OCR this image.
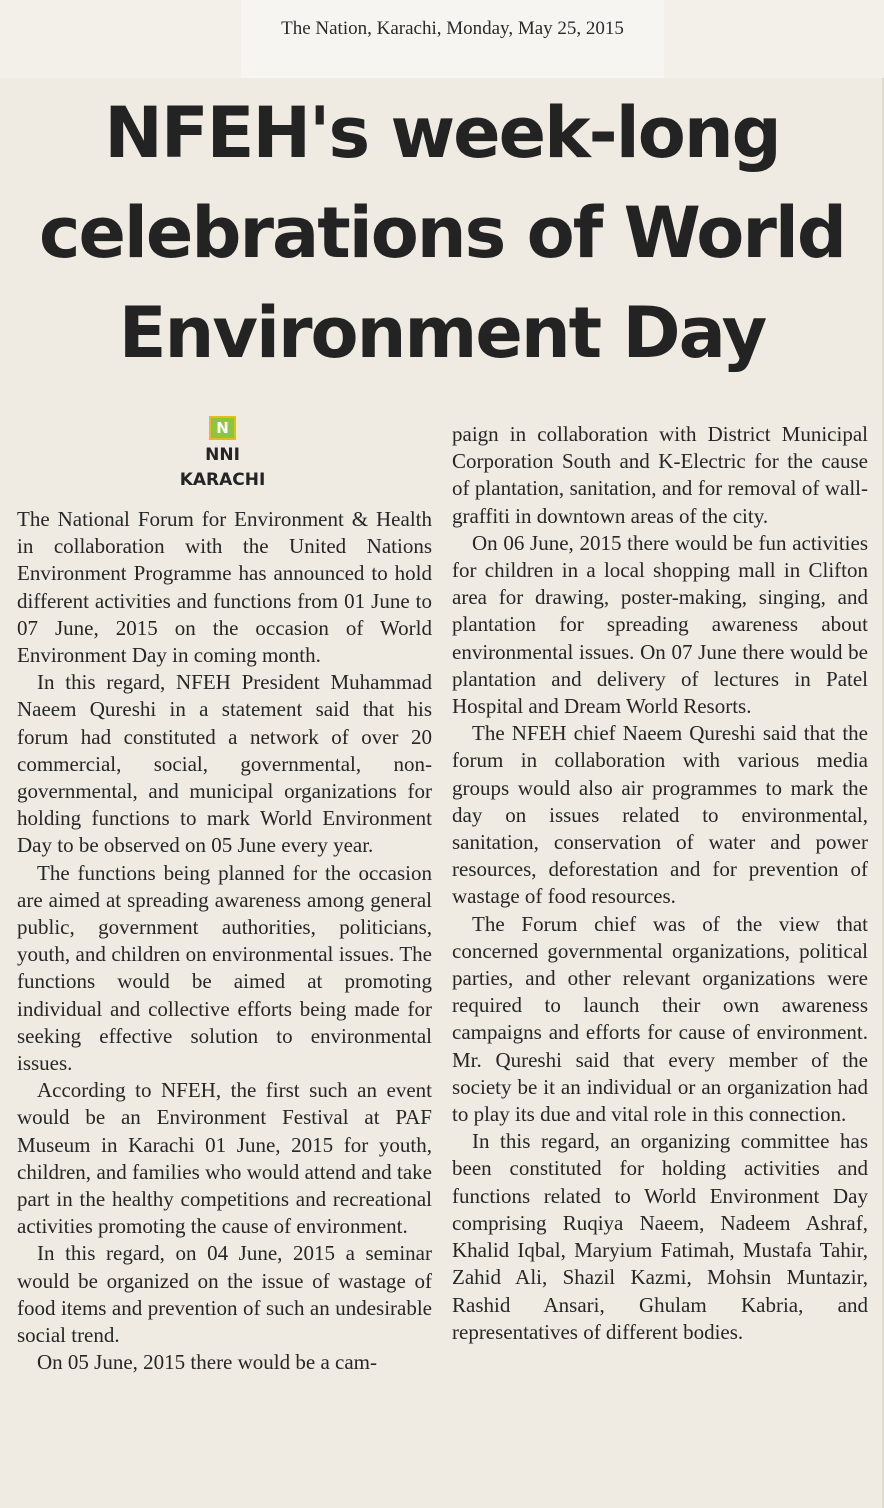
The Nation, Karachi, Monday, May 25, 2015
NFEH's week-long celebrations of World Environment Day
N
NNI
KARACHI

The National Forum for Environment & Health in collaboration with the United Nations Environment Programme has announced to hold different activities and functions from 01 June to 07 June, 2015 on the occasion of World Environment Day in coming month.

In this regard, NFEH President Muhammad Naeem Qureshi in a statement said that his forum had constituted a network of over 20 commercial, social, governmental, non-governmental, and municipal organizations for holding functions to mark World Environment Day to be observed on 05 June every year.

The functions being planned for the occasion are aimed at spreading awareness among general public, government authorities, politicians, youth, and children on environmental issues. The functions would be aimed at promoting individual and collective efforts being made for seeking effective solution to environmental issues.

According to NFEH, the first such an event would be an Environment Festival at PAF Museum in Karachi 01 June, 2015 for youth, children, and families who would attend and take part in the healthy competitions and recreational activities promoting the cause of environment.

In this regard, on 04 June, 2015 a seminar would be organized on the issue of wastage of food items and prevention of such an undesirable social trend.

On 05 June, 2015 there would be a cam-

paign in collaboration with District Municipal Corporation South and K-Electric for the cause of plantation, sanitation, and for removal of wall-graffiti in downtown areas of the city.

On 06 June, 2015 there would be fun activities for children in a local shopping mall in Clifton area for drawing, poster-making, singing, and plantation for spreading awareness about environmental issues. On 07 June there would be plantation and delivery of lectures in Patel Hospital and Dream World Resorts.

The NFEH chief Naeem Qureshi said that the forum in collaboration with various media groups would also air programmes to mark the day on issues related to environmental, sanitation, conservation of water and power resources, deforestation and for prevention of wastage of food resources.

The Forum chief was of the view that concerned governmental organizations, political parties, and other relevant organizations were required to launch their own awareness campaigns and efforts for cause of environment. Mr. Qureshi said that every member of the society be it an individual or an organization had to play its due and vital role in this connection.

In this regard, an organizing committee has been constituted for holding activities and functions related to World Environment Day comprising Ruqiya Naeem, Nadeem Ashraf, Khalid Iqbal, Maryium Fatimah, Mustafa Tahir, Zahid Ali, Shazil Kazmi, Mohsin Muntazir, Rashid Ansari, Ghulam Kabria, and representatives of different bodies.
